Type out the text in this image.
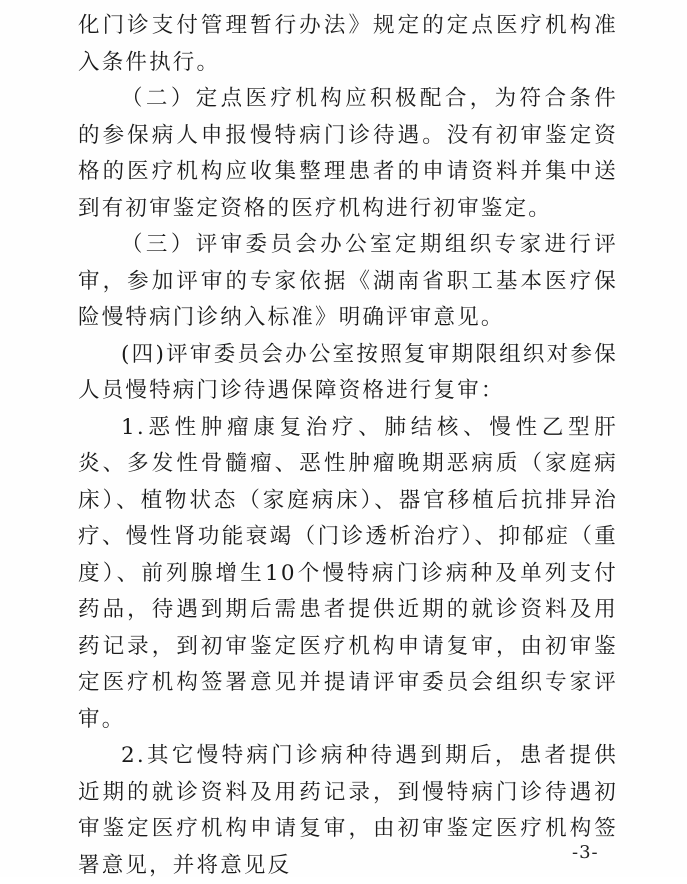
化门诊支付管理暂行办法》规定的定点医疗机构准入条件执行。

（二）定点医疗机构应积极配合，为符合条件的参保病人申报慢特病门诊待遇。没有初审鉴定资格的医疗机构应收集整理患者的申请资料并集中送到有初审鉴定资格的医疗机构进行初审鉴定。

（三）评审委员会办公室定期组织专家进行评审，参加评审的专家依据《湖南省职工基本医疗保险慢特病门诊纳入标准》明确评审意见。

(四)评审委员会办公室按照复审期限组织对参保人员慢特病门诊待遇保障资格进行复审：

1.恶性肿瘤康复治疗、肺结核、慢性乙型肝炎、多发性骨髓瘤、恶性肿瘤晚期恶病质（家庭病床）、植物状态（家庭病床）、器官移植后抗排异治疗、慢性肾功能衰竭（门诊透析治疗）、抑郁症（重度）、前列腺增生10个慢特病门诊病种及单列支付药品，待遇到期后需患者提供近期的就诊资料及用药记录，到初审鉴定医疗机构申请复审，由初审鉴定医疗机构签署意见并提请评审委员会组织专家评审。

2.其它慢特病门诊病种待遇到期后，患者提供近期的就诊资料及用药记录，到慢特病门诊待遇初审鉴定医疗机构申请复审，由初审鉴定医疗机构签署意见，并将意见反	-3-
